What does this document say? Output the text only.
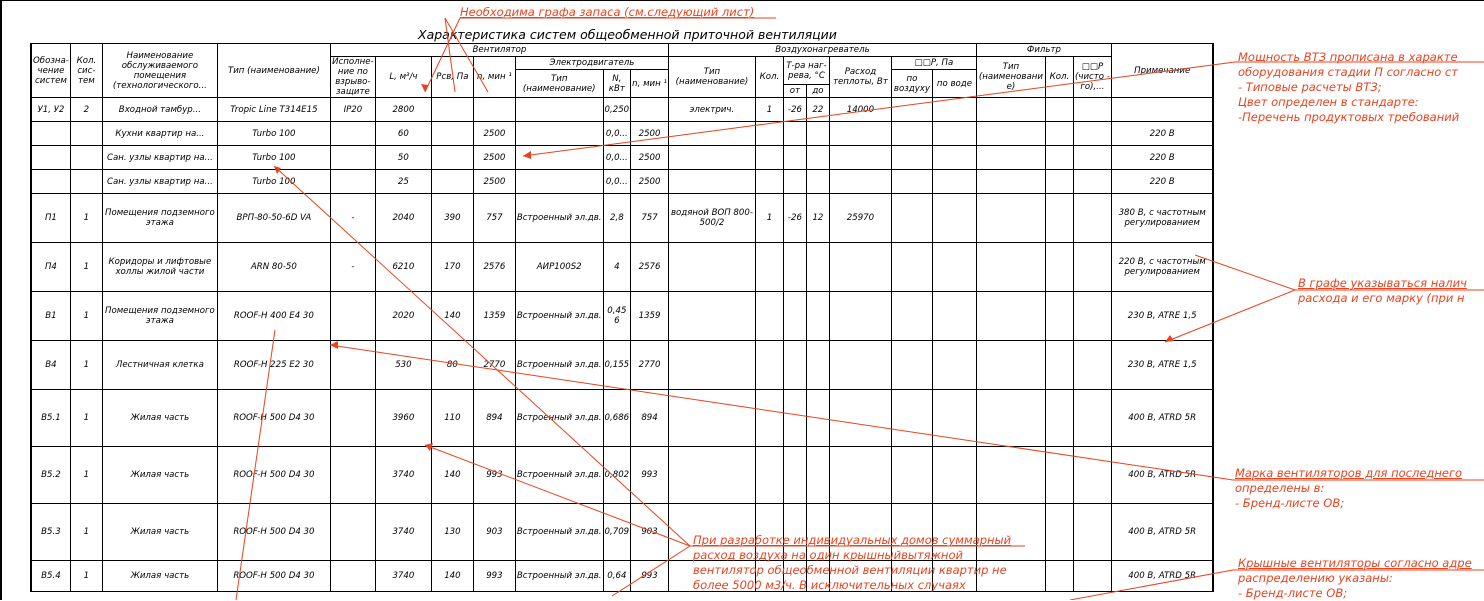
Характеристика систем общеобменной приточной вентиляции
Обозна- чение систем	Кол. сис- тем	Наименование обслуживаемого помещения (технологического...	Тип (наименование)	Вентилятор							Воздухонагреватель							Фильтр			Примечание
				Исполне- ние по взрыво- защите	L, м³/ч	Pсв, Па	n, мин ¹	Электродвигатель			Тип (наименование)	Кол.	Т-ра наг- рева, °С		Расход теплоты, Вт	□□Р, Па		Тип (наименовани е)	Кол.	□□Р (чисто - го),...	
								Тип (наименование)	N, кВт	n, мин ¹						по воздуху	по воде				
													от	до							
У1, У2	2	Входной тамбур...	Tropic Line T314E15	IP20	2800				0,250		электрич.	1	-26	22	14000						
		Кухни квартир на...	Turbo 100		60		2500		0,0...	2500											220 В
		Сан. узлы квартир на...	Turbo 100		50		2500		0,0...	2500											220 В
		Сан. узлы квартир на...	Turbo 100		25		2500		0,0...	2500											220 В
П1	1	Помещения подземного этажа	ВРП-80-50-6D VA	-	2040	390	757	Встроенный эл.дв.	2,8	757	водяной ВОП 800-500/2	1	-26	12	25970						380 В, с частотным регулированием
П4	1	Коридоры и лифтовые холлы жилой части	ARN 80-50	-	6210	170	2576	AИР100S2	4	2576											220 В, с частотным регулированием
В1	1	Помещения подземного этажа	ROOF-H 400 E4 30		2020	140	1359	Встроенный эл.дв.	0,45 6	1359											230 В, ATRE 1,5
В4	1	Лестничная клетка	ROOF-H 225 E2 30		530	80	2770	Встроенный эл.дв.	0,155	2770											230 В, ATRE 1,5
В5.1	1	Жилая часть	ROOF-H 500 D4 30		3960	110	894	Встроенный эл.дв.	0,686	894											400 В, ATRD 5R
В5.2	1	Жилая часть	ROOF-H 500 D4 30		3740	140	993	Встроенный эл.дв.	0,802	993											400 В, ATRD 5R
В5.3	1	Жилая часть	ROOF-H 500 D4 30		3740	130	903	Встроенный эл.дв.	0,709	903											400 В, ATRD 5R
В5.4	1	Жилая часть	ROOF-H 500 D4 30		3740	140	993	Встроенный эл.дв.	0,64	993											400 В, ATRD 5R
Необходима графа запаса (см.следующий лист)
Мощность ВТЗ прописана в характе
оборудования стадии П согласно ст
- Типовые расчеты ВТЗ;
Цвет определен в стандарте:
-Перечень продуктовых требований
В графе указываться налич
расхода и его марку (при н
Марка вентиляторов для последнего
определены в:
- Бренд-листе ОВ;
Крышные вентиляторы согласно адре
распределению указаны:
- Бренд-листе ОВ;
При разработке индивидуальных домов суммарный
расход воздуха на один крышныйвытяжной
вентилятор общеобменной вентиляции квартир не
более 5000 м3/ч. В исключительных случаях
